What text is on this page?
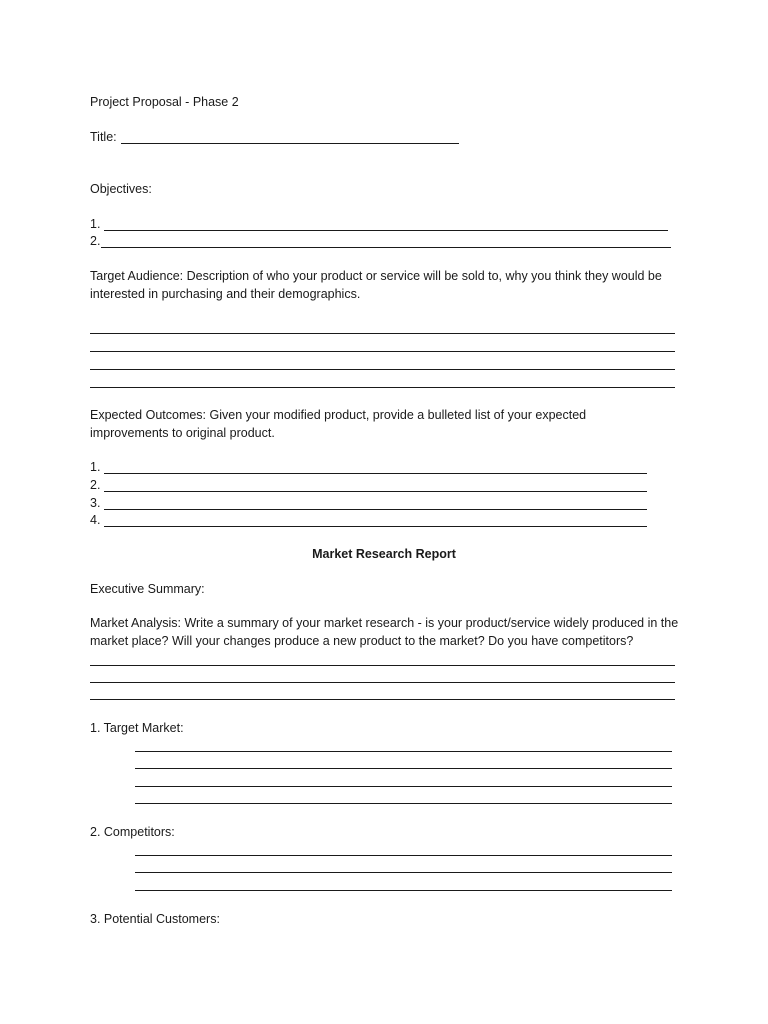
Project Proposal - Phase 2
Title:
Objectives:
1.
2.
Target Audience: Description of who your product or service will be sold to, why you think they would be interested in purchasing and their demographics.
Expected Outcomes: Given your modified product, provide a bulleted list of your expected improvements to original product.
1.
2.
3.
4.
Market Research Report
Executive Summary:
Market Analysis: Write a summary of your market research - is your product/service widely produced in the market place? Will your changes produce a new product to the market? Do you have competitors?
1. Target Market:
2. Competitors:
3. Potential Customers:
